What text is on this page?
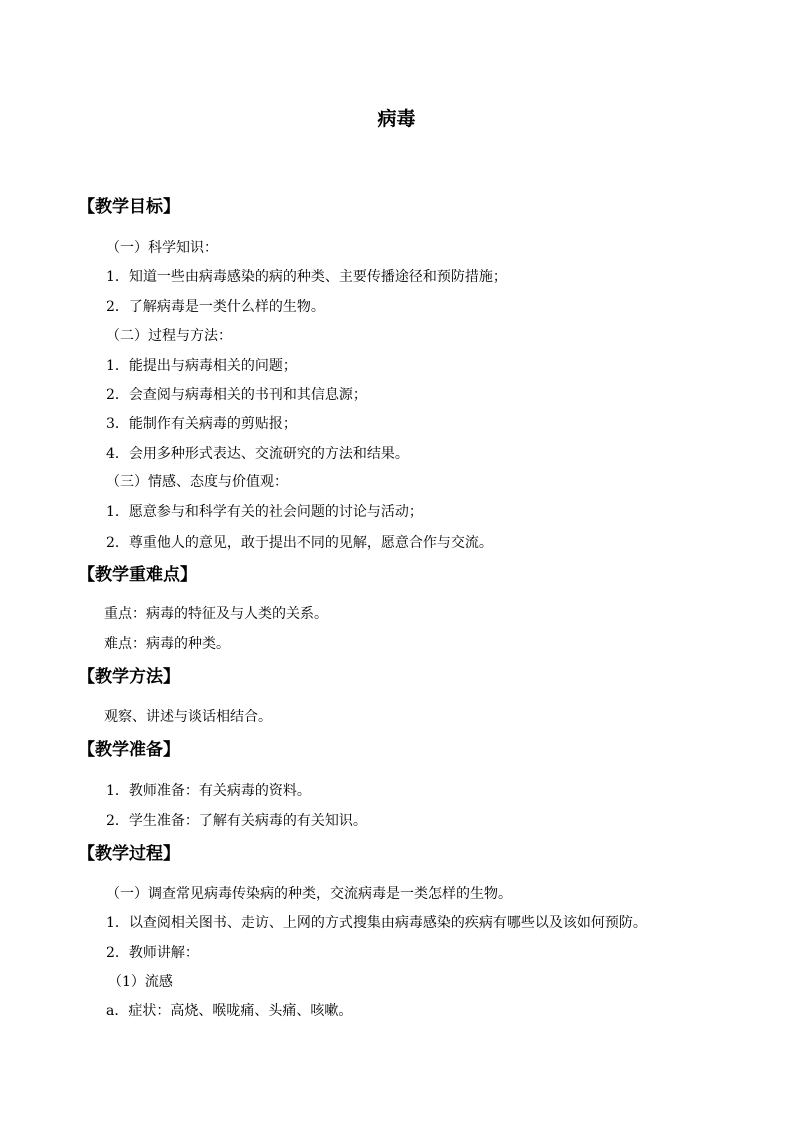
病毒
【教学目标】

（一）科学知识：

1．知道一些由病毒感染的病的种类、主要传播途径和预防措施；

2．了解病毒是一类什么样的生物。

（二）过程与方法：

1．能提出与病毒相关的问题；

2．会查阅与病毒相关的书刊和其信息源；

3．能制作有关病毒的剪贴报；

4．会用多种形式表达、交流研究的方法和结果。

（三）情感、态度与价值观：

1．愿意参与和科学有关的社会问题的讨论与活动；

2．尊重他人的意见，敢于提出不同的见解，愿意合作与交流。

【教学重难点】

重点：病毒的特征及与人类的关系。

难点：病毒的种类。

【教学方法】

观察、讲述与谈话相结合。

【教学准备】

1．教师准备：有关病毒的资料。

2．学生准备：了解有关病毒的有关知识。

【教学过程】

（一）调查常见病毒传染病的种类，交流病毒是一类怎样的生物。

1．以查阅相关图书、走访、上网的方式搜集由病毒感染的疾病有哪些以及该如何预防。

2．教师讲解：

（1）流感

a．症状：高烧、喉咙痛、头痛、咳嗽。
